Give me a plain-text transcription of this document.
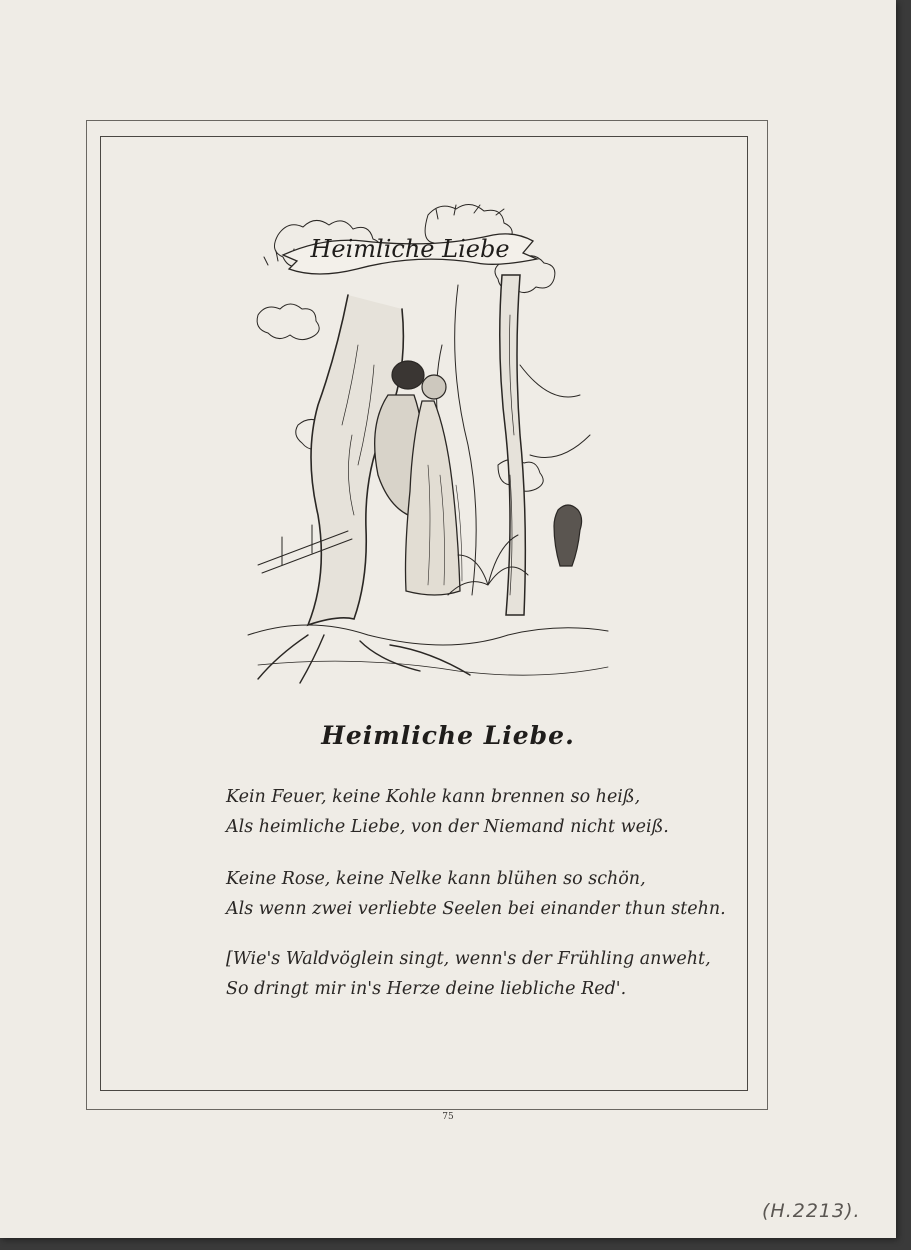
Heimliche Liebe
Heimliche Liebe.
Kein Feuer, keine Kohle kann brennen so heiß,
Als heimliche Liebe, von der Niemand nicht weiß.
Keine Rose, keine Nelke kann blühen so schön,
Als wenn zwei verliebte Seelen bei einander thun stehn.
[Wie's Waldvöglein singt, wenn's der Frühling anweht,
So dringt mir in's Herze deine liebliche Red'.
75
(H.2213).
